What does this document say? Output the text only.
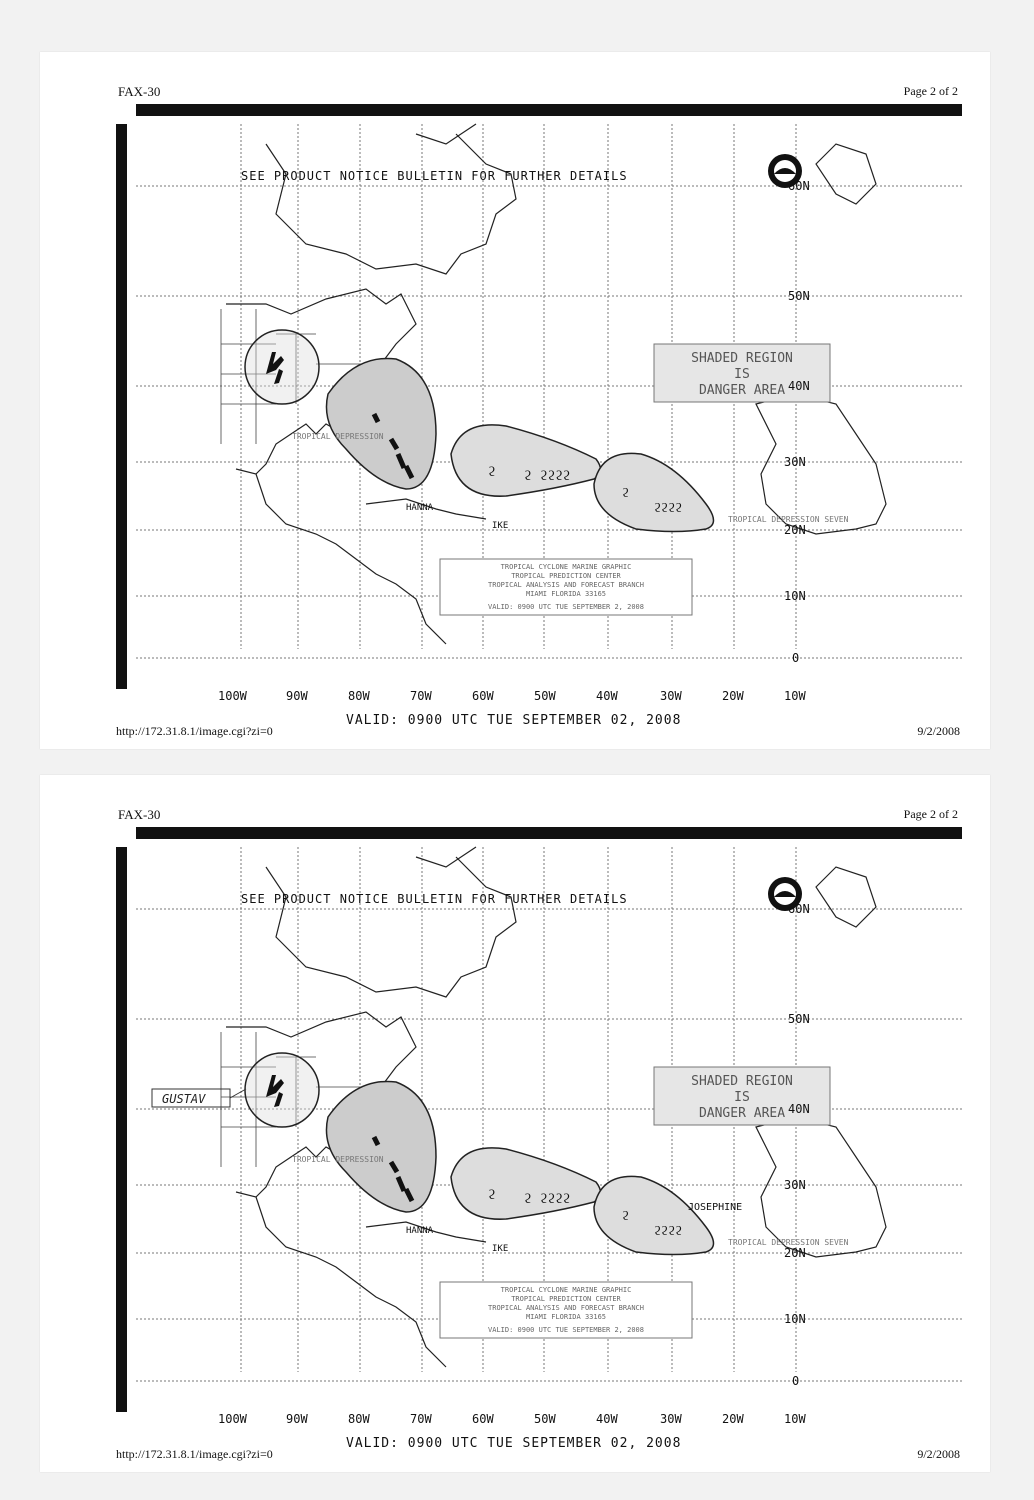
FAX-30	Page 2 of 2
SEE PRODUCT NOTICE BULLETIN FOR FURTHER DETAILS
SHADED REGION
IS
DANGER AREA
ϩ ϩ ϩϩϩϩ
ϩ
ϩϩϩϩ
HANNA
IKE
TROPICAL DEPRESSION
TROPICAL DEPRESSION SEVEN
TROPICAL CYCLONE MARINE GRAPHIC
TROPICAL PREDICTION CENTER
TROPICAL ANALYSIS AND FORECAST BRANCH
MIAMI FLORIDA 33165
VALID: 0900 UTC TUE SEPTEMBER 2, 2008
60N
50N
40N
30N
20N
10N
0
100W	90W	80W	70W	60W	50W	40W	30W	20W	10W
VALID: 0900 UTC TUE SEPTEMBER 02, 2008
http://172.31.8.1/image.cgi?zi=0	9/2/2008
FAX-30	Page 2 of 2
SEE PRODUCT NOTICE BULLETIN FOR FURTHER DETAILS
SHADED REGION
IS
DANGER AREA
GUSTAV
ϩ ϩ ϩϩϩϩ
ϩ
ϩϩϩϩ
HANNA
IKE
JOSEPHINE
TROPICAL DEPRESSION
TROPICAL DEPRESSION SEVEN
TROPICAL CYCLONE MARINE GRAPHIC
TROPICAL PREDICTION CENTER
TROPICAL ANALYSIS AND FORECAST BRANCH
MIAMI FLORIDA 33165
VALID: 0900 UTC TUE SEPTEMBER 2, 2008
60N
50N
40N
30N
20N
10N
0
100W	90W	80W	70W	60W	50W	40W	30W	20W	10W
VALID: 0900 UTC TUE SEPTEMBER 02, 2008
http://172.31.8.1/image.cgi?zi=0	9/2/2008
